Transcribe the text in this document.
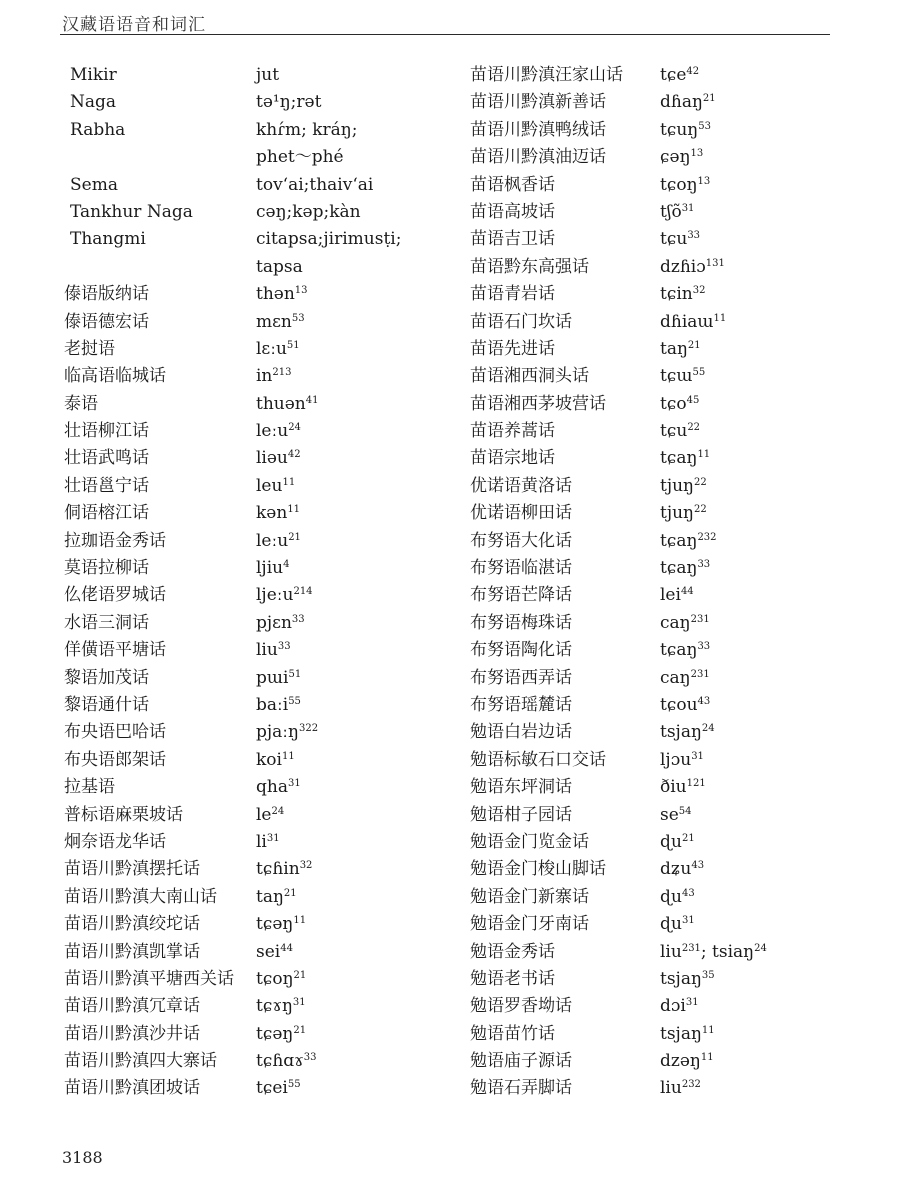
汉藏语语音和词汇
Mikir	jut
Naga	tə¹ŋ;rət
Rabha	khɾ́m; kráŋ;
phet～phé
Sema	tov‘ai;thaiv‘ai
Tankhur Naga	cəŋ;kəp;kàn
Thangmi	citapsa;jirimusṭi;
tapsa
傣语版纳话	thən$^{13}$
傣语德宏话	mɛn$^{53}$
老挝语	lɛːu$^{51}$
临高语临城话	$in^{213}$
泰语	thuən$^{41}$
壮语柳江话	leːu$^{24}$
壮语武鸣话	liəu$^{42}$
壮语邕宁话	leu$^{11}$
侗语榕江话	kən$^{11}$
拉珈语金秀话	leːu$^{21}$
莫语拉柳话	ljiu$^4$
仫佬语罗城话	ljeːu$^{214}$
水语三洞话	pjɛn$^{33}$
佯僙语平塘话	liu$^{33}$
黎语加茂话	pɯi$^{51}$
黎语通什话	baːi$^{55}$
布央语巴哈话	pjaːŋ$^{322}$
布央语郎架话	koi$^{11}$
拉基语	qha$^{31}$
普标语麻栗坡话	$le^{24}$
炯奈语龙华话	$li^{31}$
苗语川黔滇摆托话	tɕɦin$^{32}$
苗语川黔滇大南山话 taŋ$^{21}$
苗语川黔滇绞坨话	tɕəŋ$^{11}$
苗语川黔滇凯掌话	sei$^{44}$
苗语川黔滇平塘西关话 tɕoŋ$^{21}$
苗语川黔滇冗章话	tɕɤŋ$^{31}$
苗语川黔滇沙井话	tɕəŋ$^{21}$
苗语川黔滇四大寨话 tɕɦɑɤ$^{33}$
苗语川黔滇团坡话	tɕei$^{55}$
苗语川黔滇汪家山话 tɕe$^{42}$
苗语川黔滇新善话	dɦaŋ$^{21}$
苗语川黔滇鸭绒话	tɕuŋ$^{53}$
苗语川黔滇油迈话	ɕəŋ$^{13}$
苗语枫香话	tɕoŋ$^{13}$
苗语高坡话	tʃõ$^{31}$
苗语吉卫话	tɕu$^{33}$
苗语黔东高强话	dzɦiɔ$^{131}$
苗语青岩话	tɕin$^{32}$
苗语石门坎话	dɦiaɯ$^{11}$
苗语先进话	taŋ$^{21}$
苗语湘西洞头话	tɕɯ$^{55}$
苗语湘西茅坡营话	tɕo$^{45}$
苗语养蒿话	tɕu$^{22}$
苗语宗地话	tɕaŋ$^{11}$
优诺语黄洛话	tjuŋ$^{22}$
优诺语柳田话	tjuŋ$^{22}$
布努语大化话	tɕaŋ$^{232}$
布努语临湛话	tɕaŋ$^{33}$
布努语芒降话	lei$^{44}$
布努语梅珠话	caŋ$^{231}$
布努语陶化话	tɕaŋ$^{33}$
布努语西弄话	caŋ$^{231}$
布努语瑶麓话	tɕou$^{43}$
勉语白岩边话	tsjaŋ$^{24}$
勉语标敏石口交话	ljɔu$^{31}$
勉语东坪洞话	ðiu$^{121}$
勉语柑子园话	$se^{54}$
勉语金门览金话	ɖu$^{21}$
勉语金门梭山脚话	dʑu$^{43}$
勉语金门新寨话	ɖu$^{43}$
勉语金门牙南话	ɖu$^{31}$
勉语金秀话	liu$^{231}$; tsiaŋ$^{24}$
勉语老书话	tsjaŋ$^{35}$
勉语罗香坳话	dɔi$^{31}$
勉语苗竹话	tsjaŋ$^{11}$
勉语庙子源话	dzəŋ$^{11}$
勉语石弄脚话	liu$^{232}$
3188
